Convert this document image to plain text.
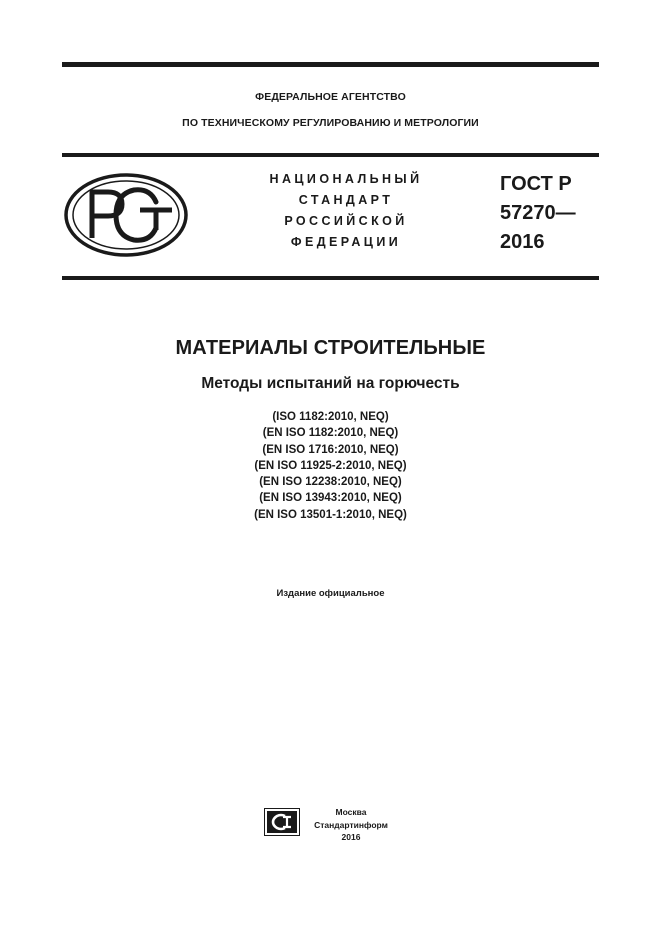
ФЕДЕРАЛЬНОЕ АГЕНТСТВО
ПО ТЕХНИЧЕСКОМУ РЕГУЛИРОВАНИЮ И МЕТРОЛОГИИ
НАЦИОНАЛЬНЫЙ
СТАНДАРТ
РОССИЙСКОЙ
ФЕДЕРАЦИИ
ГОСТ Р
57270—
2016
МАТЕРИАЛЫ СТРОИТЕЛЬНЫЕ
Методы испытаний на горючесть
(ISO 1182:2010, NEQ)
(EN ISO 1182:2010, NEQ)
(EN ISO 1716:2010, NEQ)
(EN ISO 11925-2:2010, NEQ)
(EN ISO 12238:2010, NEQ)
(EN ISO 13943:2010, NEQ)
(EN ISO 13501-1:2010, NEQ)
Издание официальное
Москва
Стандартинформ
2016
